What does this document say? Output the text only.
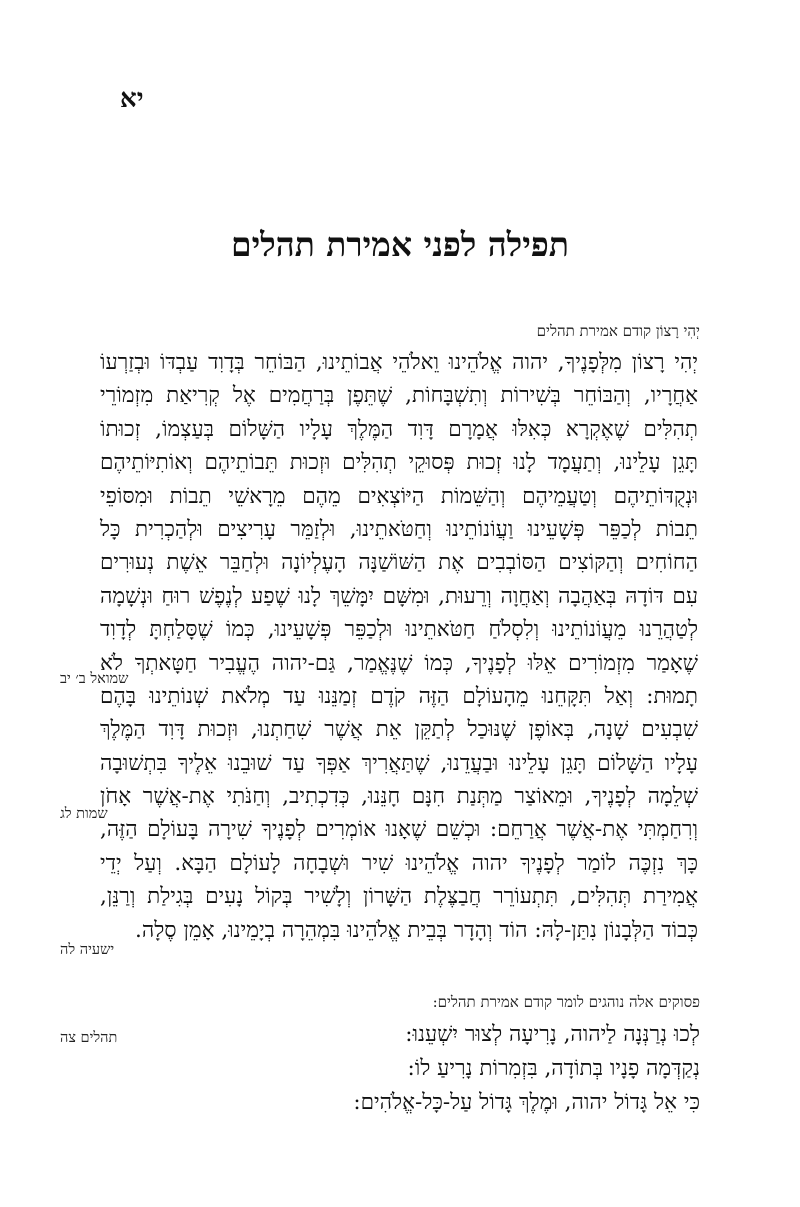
יא
תפילה לפני אמירת תהלים
יְהִי רָצוֹן קודם אמירת תהלים
יְהִי רָצוֹן מִלְּפָנֶיךָ, יהוה אֱלֹהֵינוּ וֵאלֹהֵי אֲבוֹתֵינוּ, הַבּוֹחֵר בְּדָוִד עַבְדּוֹ וּבְזַרְעוֹ
אַחֲרָיו, וְהַבּוֹחֵר בְּשִׁירוֹת וְתִשְׁבָּחוֹת, שֶׁתֵּפֶן בְּרַחֲמִים אֶל קְרִיאַת מִזְמוֹרֵי
תְהִלִּים שֶׁאֶקְרָא כְּאִלּוּ אֲמָרָם דָּוִד הַמֶּלֶךְ עָלָיו הַשָּׁלוֹם בְּעַצְמוֹ, זְכוּתוֹ
תָּגֵן עָלֵינוּ, וְתַעֲמָד לָנוּ זְכוּת פְּסוּקֵי תְהִלִּים וּזְכוּת תֵּבוֹתֵיהֶם וְאוֹתִיּוֹתֵיהֶם
וּנְקֻדּוֹתֵיהֶם וְטַעֲמֵיהֶם וְהַשֵּׁמוֹת הַיּוֹצְאִים מֵהֶם מֵרָאשֵׁי תֵבוֹת וּמִסּוֹפֵי
תֵבוֹת לְכַפֵּר פְּשָׁעֵינוּ וַעֲוֹנוֹתֵינוּ וְחַטֹּאתֵינוּ, וּלְזַמֵּר עָרִיצִים וּלְהַכְרִית כָּל
הַחוֹחִים וְהַקּוֹצִים הַסּוֹבְבִים אֶת הַשּׁוֹשַׁנָּה הָעֶלְיוֹנָה וּלְחַבֵּר אֵשֶׁת נְעוּרִים
עִם דּוֹדָהּ בְּאַהֲבָה וְאַחֲוָה וְרֵעוּת, וּמִשָּׁם יִמָּשֵׁךְ לָנוּ שֶׁפַע לְנֶפֶשׁ רוּחַ וּנְשָׁמָה
לְטַהֲרֵנוּ מֵעֲוֹנוֹתֵינוּ וְלִסְלֹחַ חַטֹּאתֵינוּ וּלְכַפֵּר פְּשָׁעֵינוּ, כְּמוֹ שֶׁסָּלַחְתָּ לְדָוִד
שֶׁאָמַר מִזְמוֹרִים אֵלּוּ לְפָנֶיךָ, כְּמוֹ שֶׁנֶּאֱמַר, גַּם-יהוה הֶעֱבִיר חַטָּאתְךָ לֹא
תָמוּת: וְאַל תִּקָּחֵנוּ מֵהָעוֹלָם הַזֶּה קֹדֶם זְמַנֵּנוּ עַד מְלֹאת שְׁנוֹתֵינוּ בָּהֶם
שִׁבְעִים שָׁנָה, בְּאוֹפֶן שֶׁנּוּכַל לְתַקֵּן אֵת אֲשֶׁר שִׁחַתְנוּ, וּזְכוּת דָּוִד הַמֶּלֶךְ
עָלָיו הַשָּׁלוֹם תָּגֵן עָלֵינוּ וּבַעֲדֵנוּ, שֶׁתַּאֲרִיךְ אַפְּךָ עַד שׁוּבֵנוּ אֵלֶיךָ בִּתְשׁוּבָה
שְׁלֵמָה לְפָנֶיךָ, וּמֵאוֹצַר מַתְּנַת חִנָּם חָנֵּנוּ, כְּדִכְתִיב, וְחַנֹּתִי אֶת-אֲשֶׁר אָחֹן
וְרִחַמְתִּי אֶת-אֲשֶׁר אֲרַחֵם: וּכְשֵׁם שֶׁאָנוּ אוֹמְרִים לְפָנֶיךָ שִׁירָה בָּעוֹלָם הַזֶּה,
כָּךְ נִזְכֶּה לוֹמַר לְפָנֶיךָ יהוה אֱלֹהֵינוּ שִׁיר וּשְׁבָחָה לָעוֹלָם הַבָּא. וְעַל יְדֵי
אֲמִירַת תְּהִלִּים, תִּתְעוֹרֵר חֲבַצֶּלֶת הַשָּׁרוֹן וְלָשִׁיר בְּקוֹל נָעִים בְּגִילַת וְרַנֵּן,
כְּבוֹד הַלְּבָנוֹן נִתַּן-לָהּ: הוֹד וְהָדָר בְּבֵית אֱלֹהֵינוּ בִּמְהֵרָה בְיָמֵינוּ, אָמֵן סֶלָה.
שמואל ב׳ יב
שמות לג
ישעיה לה
פסוקים אלה נוהגים לומר קודם אמירת תהלים:
תהלים צה	לְכוּ נְרַנְּנָה לַיהוה, נָרִיעָה לְצוּר יִשְׁעֵנוּ:
נְקַדְּמָה פָנָיו בְּתוֹדָה, בִּזְמִרוֹת נָרִיעַ לוֹ:
כִּי אֵל גָּדוֹל יהוה, וּמֶלֶךְ גָּדוֹל עַל-כָּל-אֱלֹהִים:
